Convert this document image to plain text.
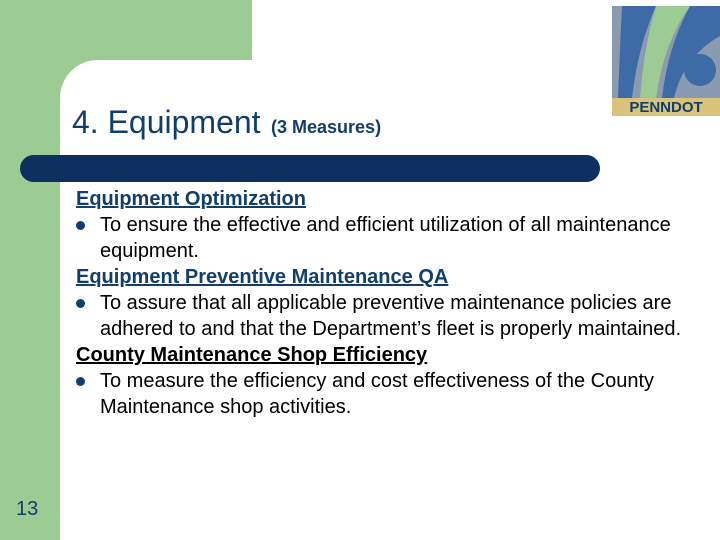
PENNDOT
4. Equipment (3 Measures)
Equipment Optimization
To ensure the effective and efficient utilization of all maintenance equipment.
Equipment Preventive Maintenance QA
To assure that all applicable preventive maintenance policies are adhered to and that the Department’s fleet is properly maintained.
County Maintenance Shop Efficiency
To measure the efficiency and cost effectiveness of the County Maintenance shop activities.
13
